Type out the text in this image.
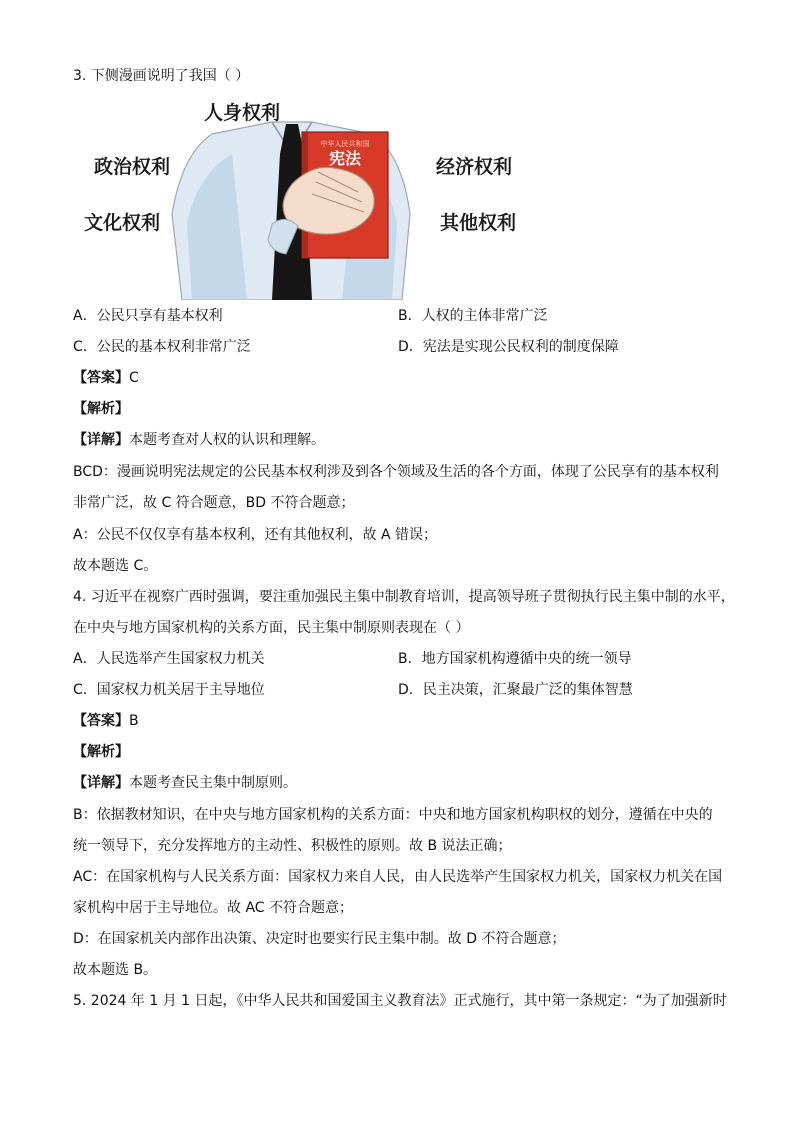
3. 下侧漫画说明了我国（ ）
中华人民共和国
宪法
人身权利
政治权利	经济权利
文化权利	其他权利
A．公民只享有基本权利	B．人权的主体非常广泛
C．公民的基本权利非常广泛	D．宪法是实现公民权利的制度保障
【答案】C
【解析】
【详解】本题考查对人权的认识和理解。
BCD：漫画说明宪法规定的公民基本权利涉及到各个领域及生活的各个方面，体现了公民享有的基本权利
非常广泛，故 C 符合题意，BD 不符合题意；
A：公民不仅仅享有基本权利，还有其他权利，故 A 错误；
故本题选 C。
4. 习近平在视察广西时强调，要注重加强民主集中制教育培训，提高领导班子贯彻执行民主集中制的水平，
在中央与地方国家机构的关系方面，民主集中制原则表现在（ ）
A．人民选举产生国家权力机关	B．地方国家机构遵循中央的统一领导
C．国家权力机关居于主导地位	D．民主决策，汇聚最广泛的集体智慧
【答案】B
【解析】
【详解】本题考查民主集中制原则。
B：依据教材知识，在中央与地方国家机构的关系方面：中央和地方国家机构职权的划分，遵循在中央的
统一领导下，充分发挥地方的主动性、积极性的原则。故 B 说法正确；
AC：在国家机构与人民关系方面：国家权力来自人民，由人民选举产生国家权力机关，国家权力机关在国
家机构中居于主导地位。故 AC 不符合题意；
D：在国家机关内部作出决策、决定时也要实行民主集中制。故 D 不符合题意；
故本题选 B。
5. 2024 年 1 月 1 日起，《中华人民共和国爱国主义教育法》正式施行，其中第一条规定：“为了加强新时
